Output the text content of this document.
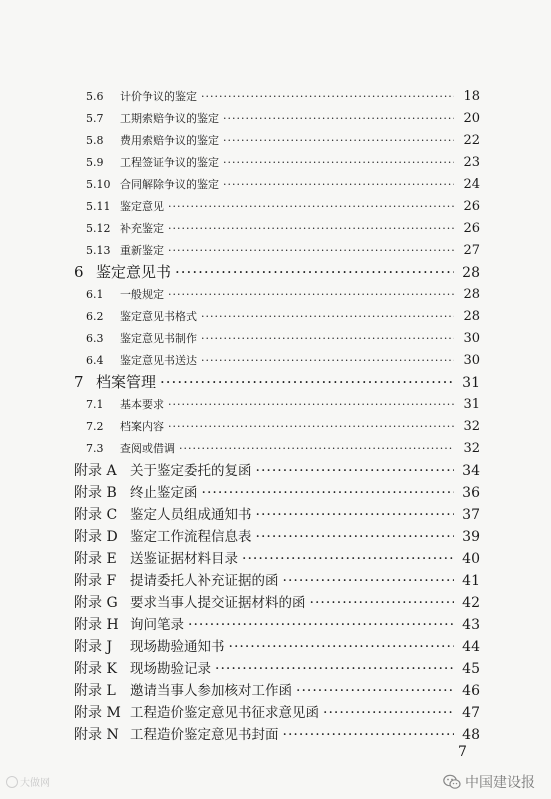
5.6	计价争议的鉴定 ·····	18
5.7	工期索赔争议的鉴定 ·····	20
5.8	费用索赔争议的鉴定 ·····	22
5.9	工程签证争议的鉴定 ·····	23
5.10 合同解除争议的鉴定 ·····	24
5.11 鉴定意见 ·····	26
5.12 补充鉴定 ·····	26
5.13 重新鉴定 ·····	27
6 鉴定意见书 ·····	28
6.1	一般规定 ·····	28
6.2	鉴定意见书格式 ·····	28
6.3	鉴定意见书制作 ·····	30
6.4	鉴定意见书送达 ·····	30
7 档案管理 ·····	31
7.1	基本要求 ·····	31
7.2	档案内容 ·····	32
7.3	查阅或借调 ·····	32
附录 A 关于鉴定委托的复函 ·····	34
附录 B 终止鉴定函 ·····	36
附录 C 鉴定人员组成通知书 ·····	37
附录 D 鉴定工作流程信息表 ·····	39
附录 E 送鉴证据材料目录 ·····	40
附录 F	提请委托人补充证据的函 ·····	41
附录 G 要求当事人提交证据材料的函 ·····	42
附录 H 询问笔录 ·····	43
附录 J	现场勘验通知书 ·····	44
附录 K 现场勘验记录 ·····	45
附录 L	邀请当事人参加核对工作函 ·····	46
附录 M 工程造价鉴定意见书征求意见函 ·····	47
附录 N 工程造价鉴定意见书封面 ·····	48
7
大做网	中国建设报
